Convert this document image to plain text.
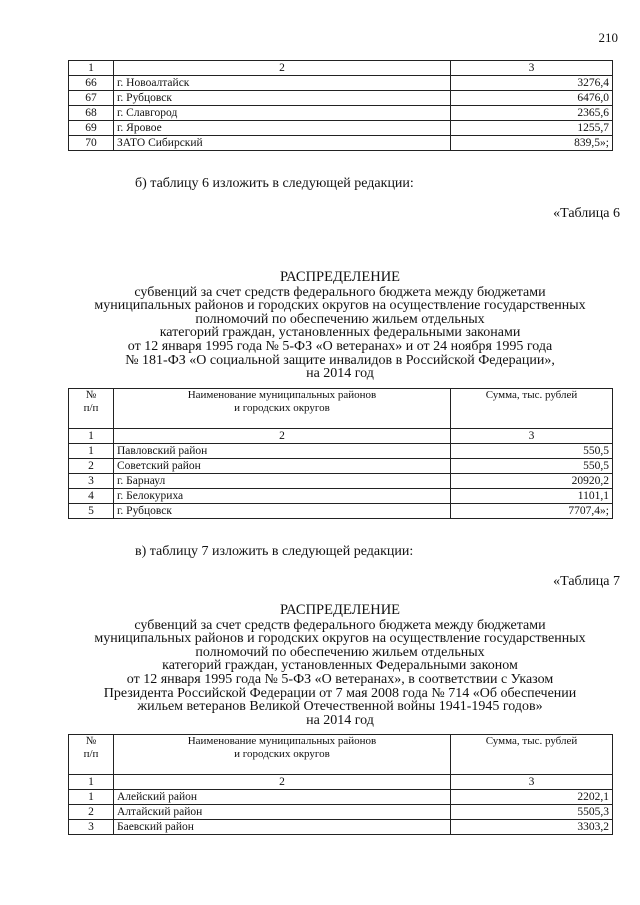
210
1	2	3
66	г. Новоалтайск	3276,4
67	г. Рубцовск	6476,0
68	г. Славгород	2365,6
69	г. Яровое	1255,7
70	ЗАТО Сибирский	839,5»;
б) таблицу 6 изложить в следующей редакции:
«Таблица 6
РАСПРЕДЕЛЕНИЕ
субвенций за счет средств федерального бюджета между бюджетами
муниципальных районов и городских округов на осуществление государственных
полномочий по обеспечению жильем отдельных
категорий граждан, установленных федеральными законами
от 12 января 1995 года № 5-ФЗ «О ветеранах» и от 24 ноября 1995 года
№ 181-ФЗ «О социальной защите инвалидов в Российской Федерации»,
на 2014 год
№
п/п	Наименование муниципальных районов
и городских округов	Сумма, тыс. рублей
1	2	3
1	Павловский район	550,5
2	Советский район	550,5
3	г. Барнаул	20920,2
4	г. Белокуриха	1101,1
5	г. Рубцовск	7707,4»;
в) таблицу 7 изложить в следующей редакции:
«Таблица 7
РАСПРЕДЕЛЕНИЕ
субвенций за счет средств федерального бюджета между бюджетами
муниципальных районов и городских округов на осуществление государственных
полномочий по обеспечению жильем отдельных
категорий граждан, установленных Федеральными законом
от 12 января 1995 года № 5-ФЗ «О ветеранах», в соответствии с Указом
Президента Российской Федерации от 7 мая 2008 года № 714 «Об обеспечении
жильем ветеранов Великой Отечественной войны 1941-1945 годов»
на 2014 год
№
п/п	Наименование муниципальных районов
и городских округов	Сумма, тыс. рублей
1	2	3
1	Алейский район	2202,1
2	Алтайский район	5505,3
3	Баевский район	3303,2
